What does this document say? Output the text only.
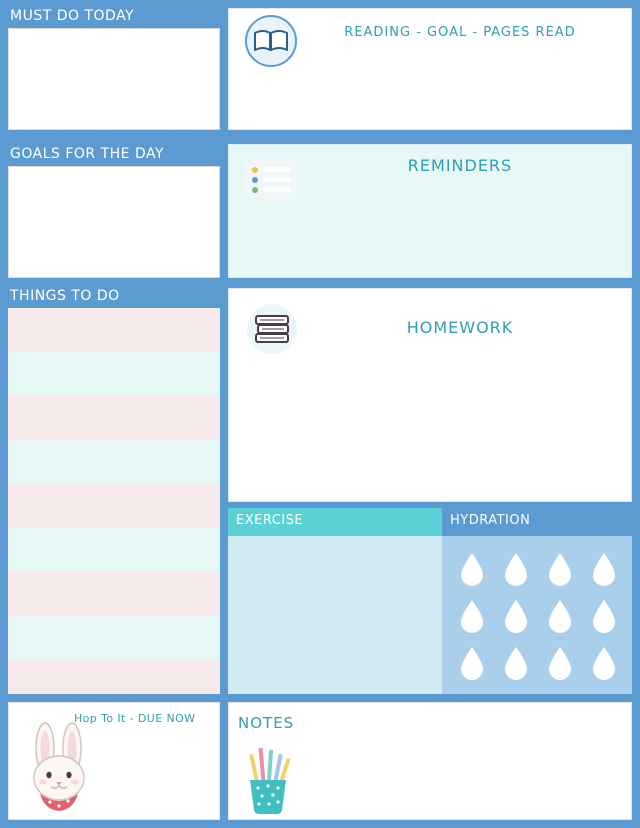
MUST DO TODAY
GOALS FOR THE DAY
THINGS TO DO
Hop To It - DUE NOW
READING - GOAL - PAGES READ
REMINDERS
HOMEWORK
EXERCISE	HYDRATION
NOTES
